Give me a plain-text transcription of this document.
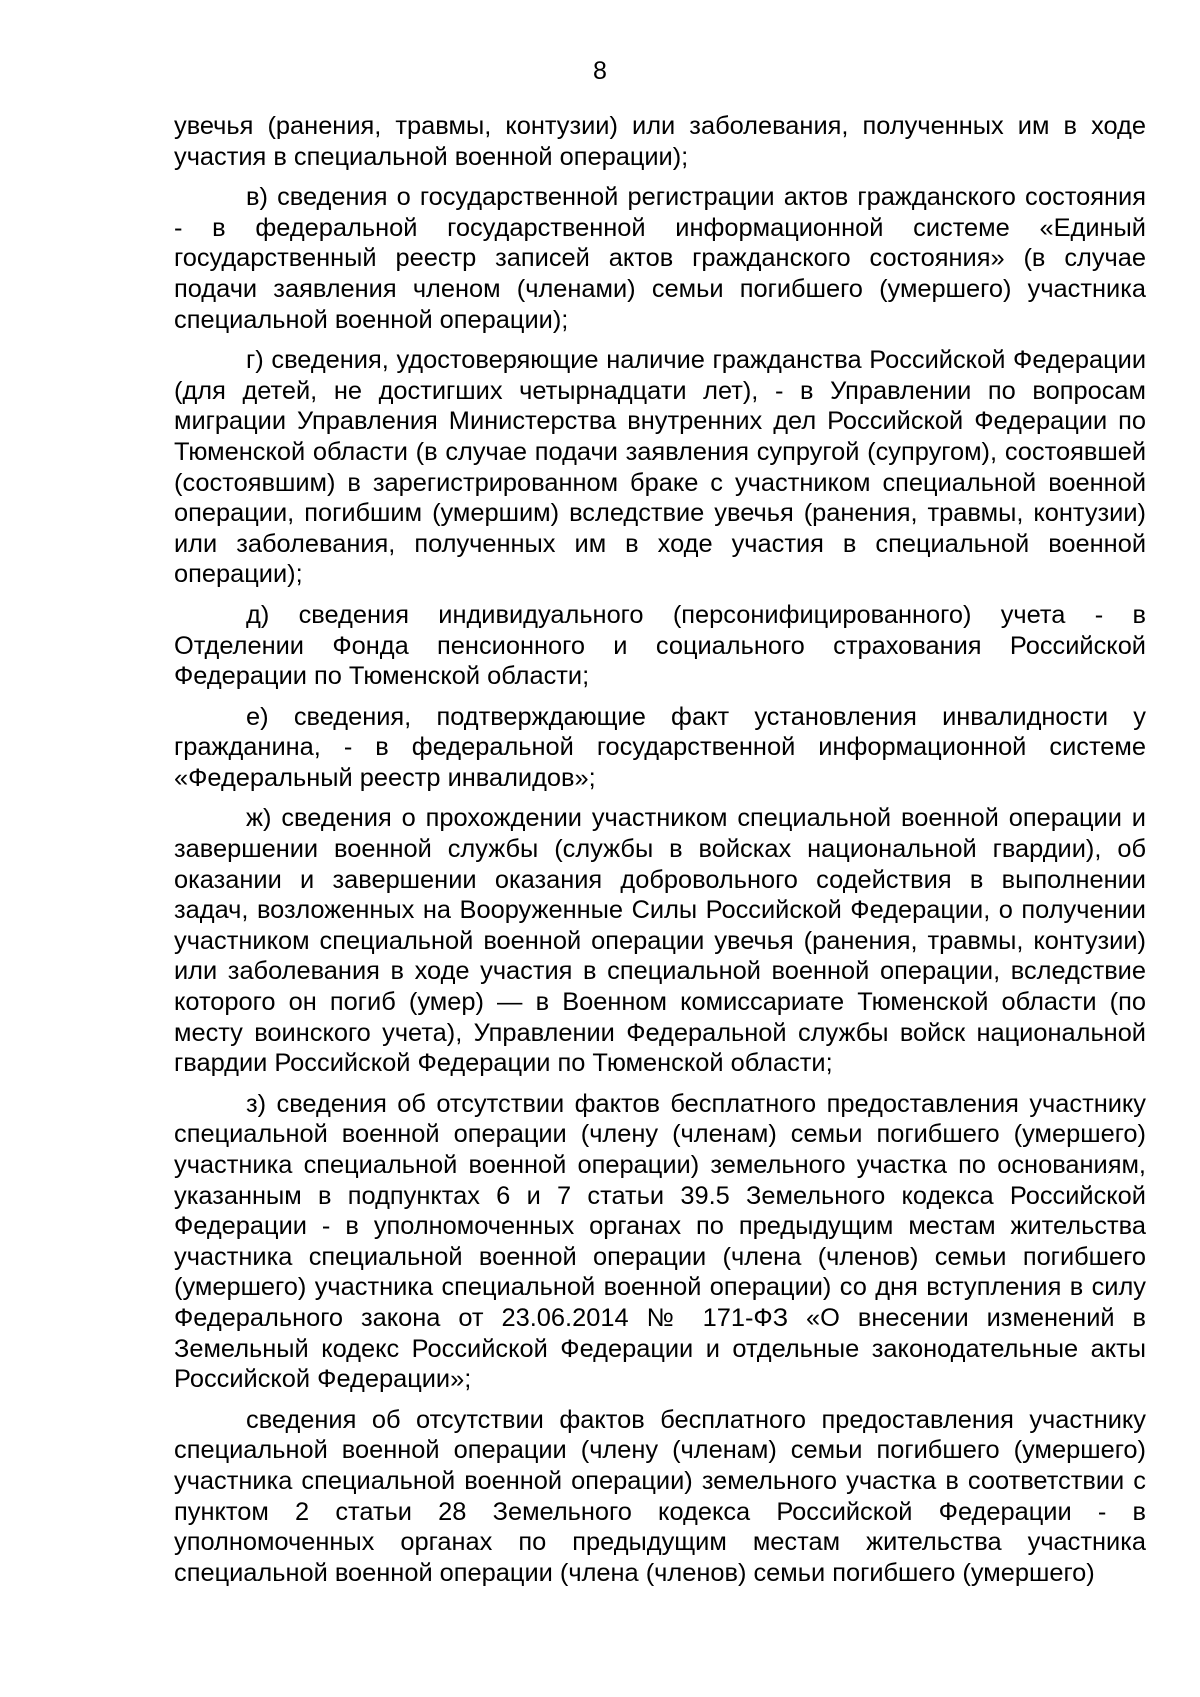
8

увечья (ранения, травмы, контузии) или заболевания, полученных им в ходе участия в специальной военной операции);

в) сведения о государственной регистрации актов гражданского состояния - в федеральной государственной информационной системе «Единый государственный реестр записей актов гражданского состояния» (в случае подачи заявления членом (членами) семьи погибшего (умершего) участника специальной военной операции);

г) сведения, удостоверяющие наличие гражданства Российской Федерации (для детей, не достигших четырнадцати лет), - в Управлении по вопросам миграции Управления Министерства внутренних дел Российской Федерации по Тюменской области (в случае подачи заявления супругой (супругом), состоявшей (состоявшим) в зарегистрированном браке с участником специальной военной операции, погибшим (умершим) вследствие увечья (ранения, травмы, контузии) или заболевания, полученных им в ходе участия в специальной военной операции);

д) сведения индивидуального (персонифицированного) учета - в Отделении Фонда пенсионного и социального страхования Российской Федерации по Тюменской области;

е) сведения, подтверждающие факт установления инвалидности у гражданина, - в федеральной государственной информационной системе «Федеральный реестр инвалидов»;

ж) сведения о прохождении участником специальной военной операции и завершении военной службы (службы в войсках национальной гвардии), об оказании и завершении оказания добровольного содействия в выполнении задач, возложенных на Вооруженные Силы Российской Федерации, о получении участником специальной военной операции увечья (ранения, травмы, контузии) или заболевания в ходе участия в специальной военной операции, вследствие которого он погиб (умер) — в Военном комиссариате Тюменской области (по месту воинского учета), Управлении Федеральной службы войск национальной гвардии Российской Федерации по Тюменской области;

з) сведения об отсутствии фактов бесплатного предоставления участнику специальной военной операции (члену (членам) семьи погибшего (умершего) участника специальной военной операции) земельного участка по основаниям, указанным в подпунктах 6 и 7 статьи 39.5 Земельного кодекса Российской Федерации - в уполномоченных органах по предыдущим местам жительства участника специальной военной операции (члена (членов) семьи погибшего (умершего) участника специальной военной операции) со дня вступления в силу Федерального закона от 23.06.2014 № 171-ФЗ «О внесении изменений в Земельный кодекс Российской Федерации и отдельные законодательные акты Российской Федерации»;

сведения об отсутствии фактов бесплатного предоставления участнику специальной военной операции (члену (членам) семьи погибшего (умершего) участника специальной военной операции) земельного участка в соответствии с пунктом 2 статьи 28 Земельного кодекса Российской Федерации - в уполномоченных органах по предыдущим местам жительства участника специальной военной операции (члена (членов) семьи погибшего (умершего)
